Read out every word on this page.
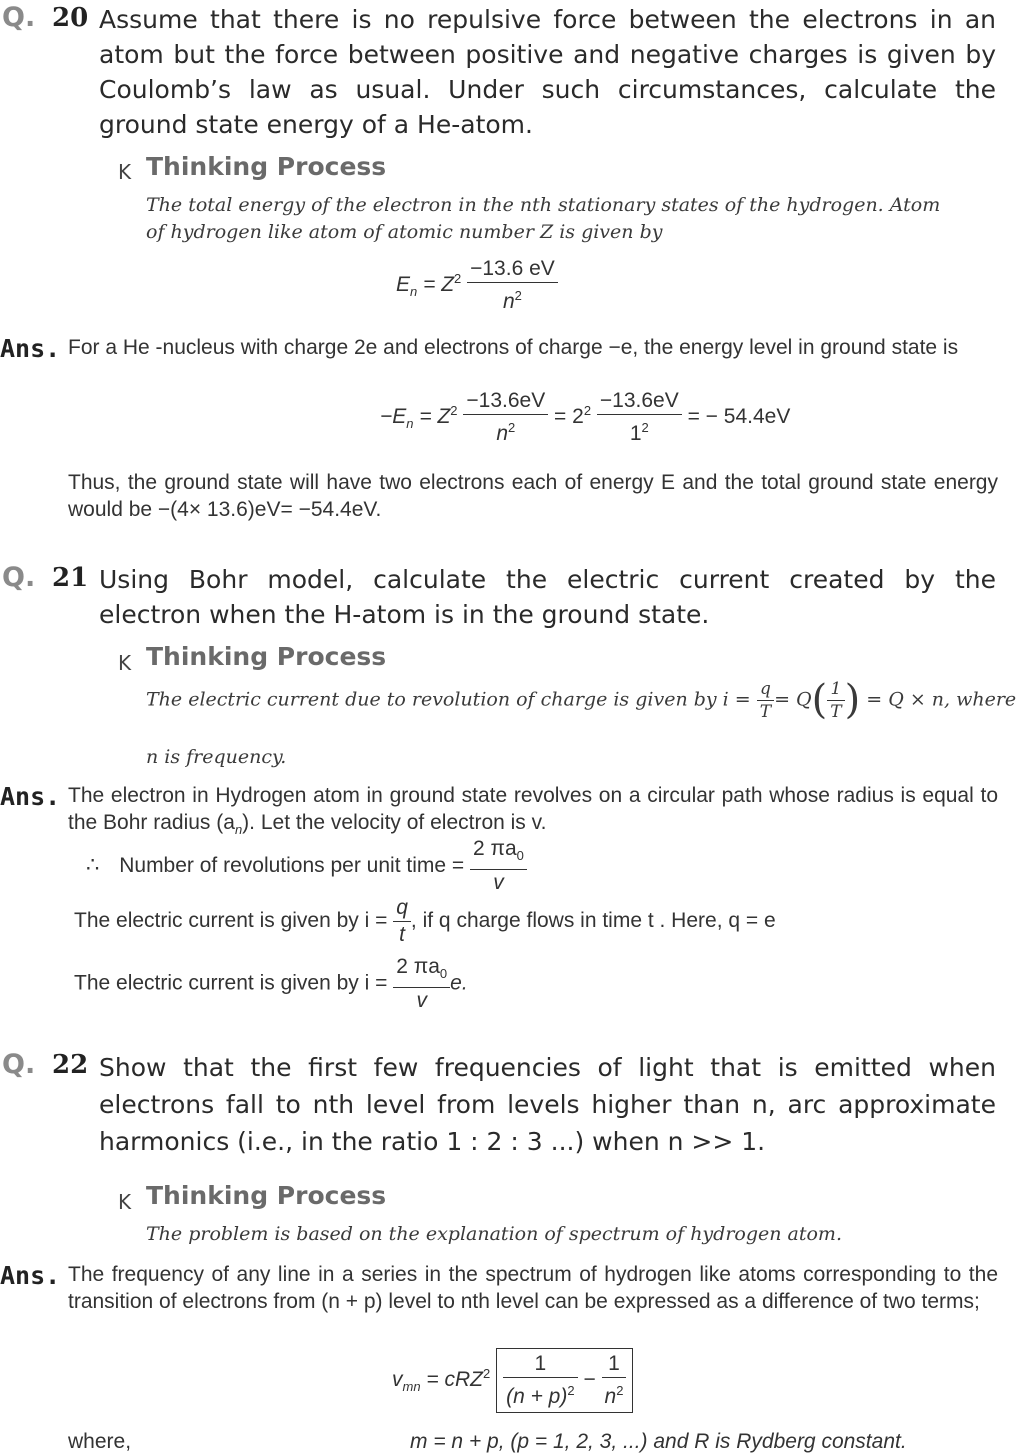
Q. 20 Assume that there is no repulsive force between the electrons in an atom but the force between positive and negative charges is given by Coulomb’s law as usual. Under such circumstances, calculate the ground state energy of a He-atom.
K Thinking Process
The total energy of the electron in the nth stationary states of the hydrogen. Atom of hydrogen like atom of atomic number Z is given by
$E_n = Z^2 \frac{-13.6 eV}{n^2}$
Ans. For a He -nucleus with charge 2e and electrons of charge −e, the energy level in ground state is
$-E_n = Z^2 \frac{-13.6eV}{n^2} = 2^2 \frac{-13.6eV}{1^2}$ = − 54.4eV
Thus, the ground state will have two electrons each of energy E and the total ground state energy would be −(4× 13.6)eV= −54.4eV.
Q. 21 Using Bohr model, calculate the electric current created by the electron when the H-atom is in the ground state.
K Thinking Process
The electric current due to revolution of charge is given by $i = \frac{q}{T} = Q( \frac{1}{T}$ ) = Q × n, where
n is frequency.
Ans. The electron in Hydrogen atom in ground state revolves on a circular path whose radius is equal to the Bohr radius $(a_n)$. Let the velocity of electron is v.
∴ Number of revolutions per unit time = $\frac{2 \pi a_0}{v}$
The electric current is given by $i = \frac{q}{t}$ , if q charge flows in time t . Here, q = e
The electric current is given by $i = \frac{2 \pi a_0}{v} e$.
Q. 22 Show that the first few frequencies of light that is emitted when electrons fall to nth level from levels higher than n, arc approximate harmonics (i.e., in the ratio 1 : 2 : 3 ...) when n >> 1.
K Thinking Process
The problem is based on the explanation of spectrum of hydrogen atom.
Ans. The frequency of any line in a series in the spectrum of hydrogen like atoms corresponding to the transition of electrons from (n + p) level to nth level can be expressed as a difference of two terms;
$v_{mn} = cRZ^2 \frac{1}{(n + p)^2} - \frac{1}{n^2}$
where,	m = n + p, (p = 1, 2, 3, ...) and R is Rydberg constant.
